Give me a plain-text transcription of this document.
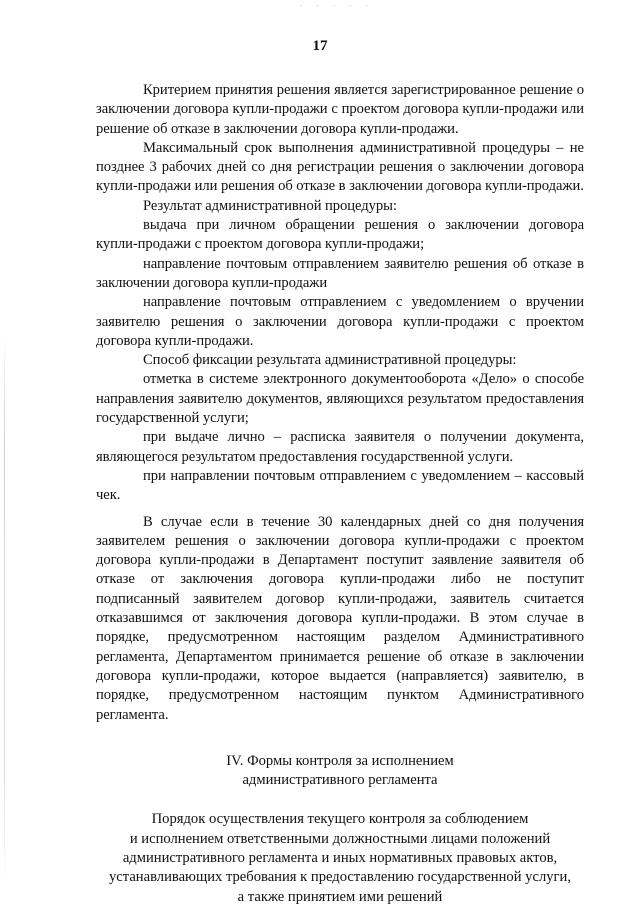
· · · · ·
17

Критерием принятия решения является зарегистрированное решение о заключении договора купли-продажи с проектом договора купли-продажи или решение об отказе в заключении договора купли-продажи.

Максимальный срок выполнения административной процедуры – не позднее 3 рабочих дней со дня регистрации решения о заключении договора купли-продажи или решения об отказе в заключении договора купли-продажи.

Результат административной процедуры:

выдача при личном обращении решения о заключении договора купли-продажи с проектом договора купли-продажи;

направление почтовым отправлением заявителю решения об отказе в заключении договора купли-продажи

направление почтовым отправлением с уведомлением о вручении заявителю решения о заключении договора купли-продажи с проектом договора купли-продажи.

Способ фиксации результата административной процедуры:

отметка в системе электронного документооборота «Дело» о способе направления заявителю документов, являющихся результатом предоставления государственной услуги;

при выдаче лично – расписка заявителя о получении документа, являющегося результатом предоставления государственной услуги.

при направлении почтовым отправлением с уведомлением – кассовый чек.

В случае если в течение 30 календарных дней со дня получения заявителем решения о заключении договора купли-продажи с проектом договора купли-продажи в Департамент поступит заявление заявителя об отказе от заключения договора купли-продажи либо не поступит подписанный заявителем договор купли-продажи, заявитель считается отказавшимся от заключения договора купли-продажи. В этом случае в порядке, предусмотренном настоящим разделом Административного регламента, Департаментом принимается решение об отказе в заключении договора купли-продажи, которое выдается (направляется) заявителю, в порядке, предусмотренном настоящим пунктом Административного регламента.

IV. Формы контроля за исполнением
административного регламента
Порядок осуществления текущего контроля за соблюдением
и исполнением ответственными должностными лицами положений
административного регламента и иных нормативных правовых актов,
устанавливающих требования к предоставлению государственной услуги,
а также принятием ими решений
